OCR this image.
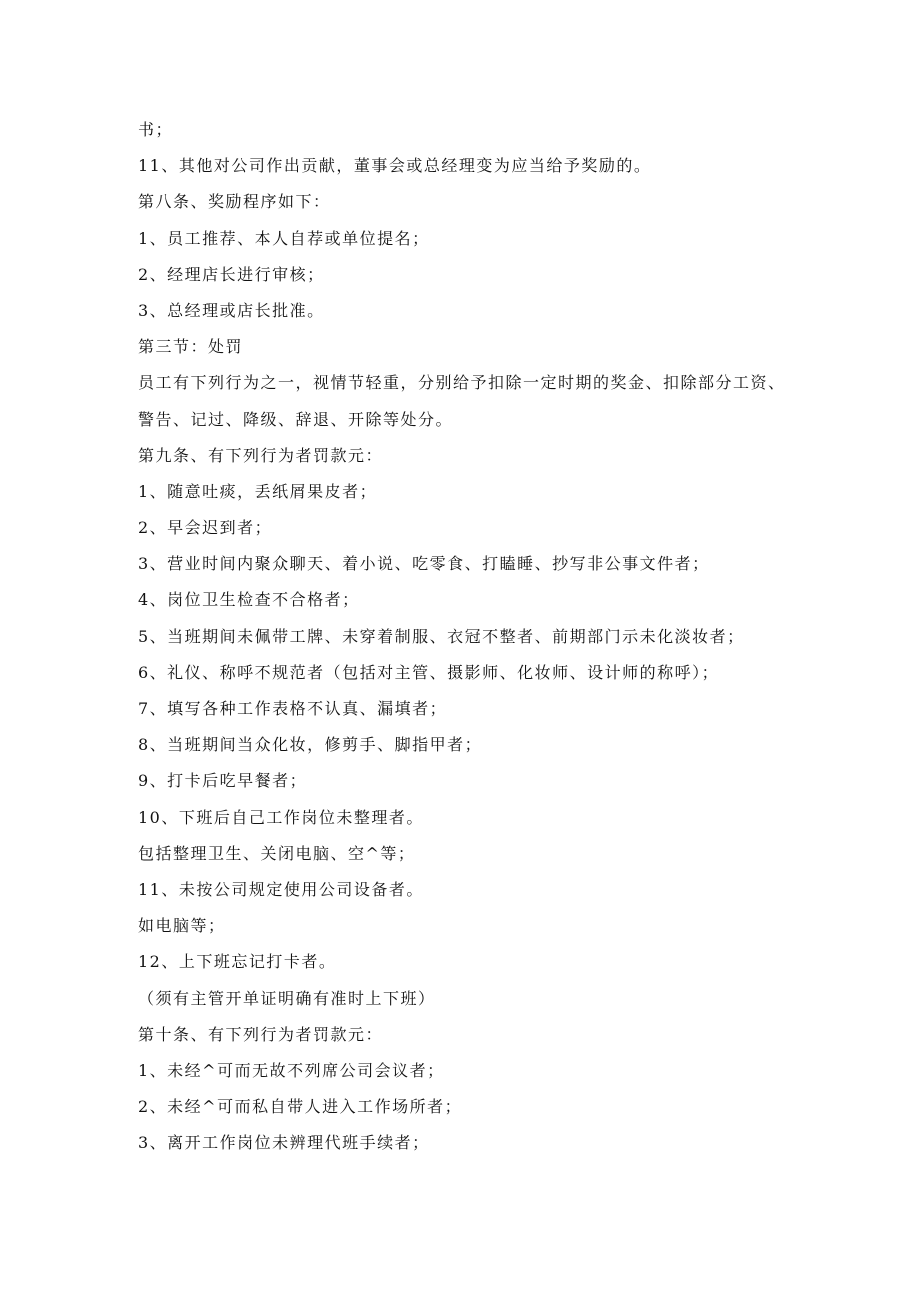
书；
11、其他对公司作出贡献，董事会或总经理变为应当给予奖励的。
第八条、奖励程序如下：
1、员工推荐、本人自荐或单位提名；
2、经理店长进行审核；
3、总经理或店长批准。
第三节：处罚
员工有下列行为之一，视情节轻重，分别给予扣除一定时期的奖金、扣除部分工资、
警告、记过、降级、辞退、开除等处分。
第九条、有下列行为者罚款元：
1、随意吐痰，丢纸屑果皮者；
2、早会迟到者；
3、营业时间内聚众聊天、着小说、吃零食、打瞌睡、抄写非公事文件者；
4、岗位卫生检查不合格者；
5、当班期间未佩带工牌、未穿着制服、衣冠不整者、前期部门示未化淡妆者；
6、礼仪、称呼不规范者（包括对主管、摄影师、化妆师、设计师的称呼）；
7、填写各种工作表格不认真、漏填者；
8、当班期间当众化妆，修剪手、脚指甲者；
9、打卡后吃早餐者；
10、下班后自己工作岗位未整理者。
包括整理卫生、关闭电脑、空^等；
11、未按公司规定使用公司设备者。
如电脑等；
12、上下班忘记打卡者。
（须有主管开单证明确有准时上下班）
第十条、有下列行为者罚款元：
1、未经^可而无故不列席公司会议者；
2、未经^可而私自带人进入工作场所者；
3、离开工作岗位未辨理代班手续者；
